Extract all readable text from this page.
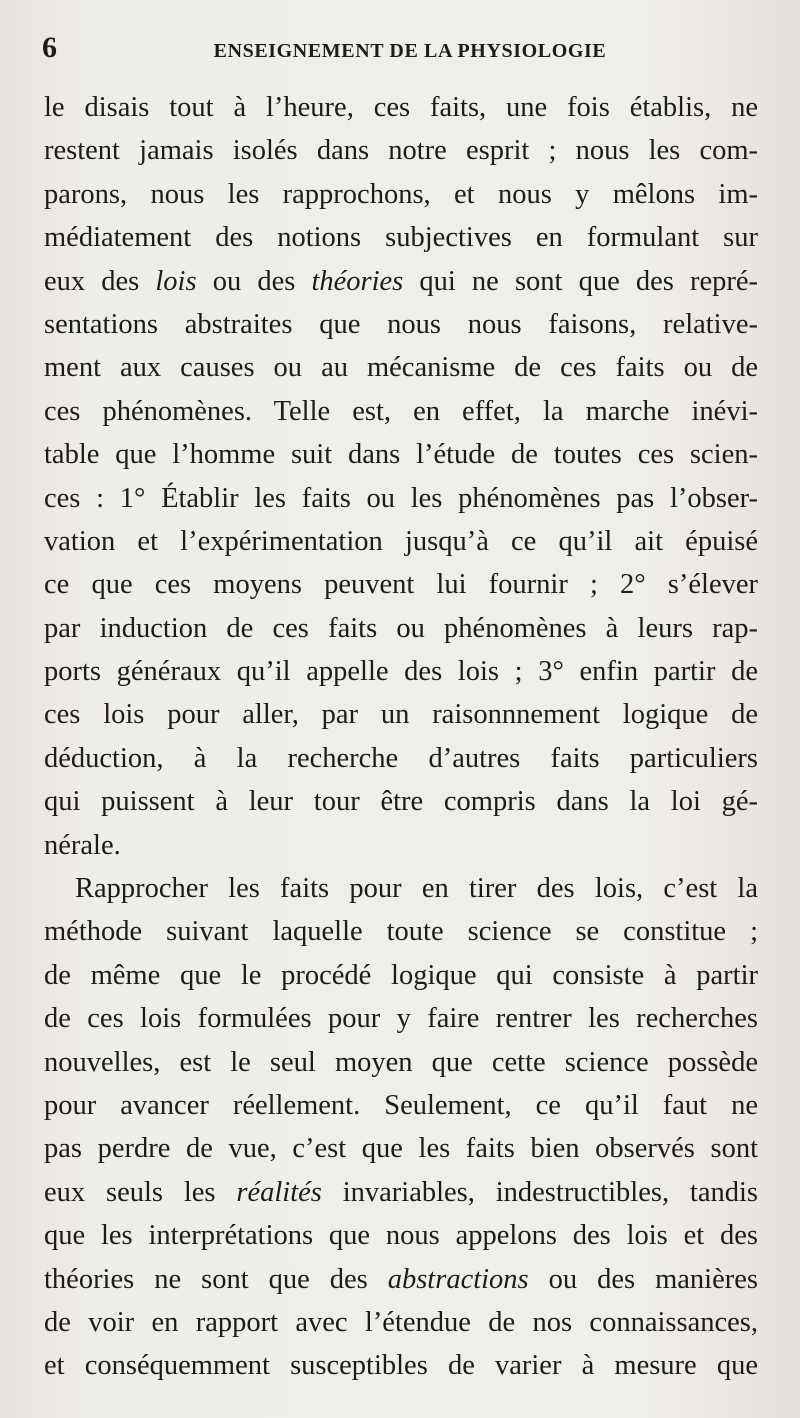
6	ENSEIGNEMENT DE LA PHYSIOLOGIE
le disais tout à l’heure, ces faits, une fois établis, ne
restent jamais isolés dans notre esprit ; nous les com-
parons, nous les rapprochons, et nous y mêlons im-
médiatement des notions subjectives en formulant sur
eux des lois ou des théories qui ne sont que des repré-
sentations abstraites que nous nous faisons, relative-
ment aux causes ou au mécanisme de ces faits ou de
ces phénomènes. Telle est, en effet, la marche inévi-
table que l’homme suit dans l’étude de toutes ces scien-
ces : 1° Établir les faits ou les phénomènes pas l’obser-
vation et l’expérimentation jusqu’à ce qu’il ait épuisé
ce que ces moyens peuvent lui fournir ; 2° s’élever
par induction de ces faits ou phénomènes à leurs rap-
ports généraux qu’il appelle des lois ; 3° enfin partir de
ces lois pour aller, par un raisonnnement logique de
déduction, à la recherche d’autres faits particuliers
qui puissent à leur tour être compris dans la loi gé-
nérale.
Rapprocher les faits pour en tirer des lois, c’est la
méthode suivant laquelle toute science se constitue ;
de même que le procédé logique qui consiste à partir
de ces lois formulées pour y faire rentrer les recherches
nouvelles, est le seul moyen que cette science possède
pour avancer réellement. Seulement, ce qu’il faut ne
pas perdre de vue, c’est que les faits bien observés sont
eux seuls les réalités invariables, indestructibles, tandis
que les interprétations que nous appelons des lois et des
théories ne sont que des abstractions ou des manières
de voir en rapport avec l’étendue de nos connaissances,
et conséquemment susceptibles de varier à mesure que
